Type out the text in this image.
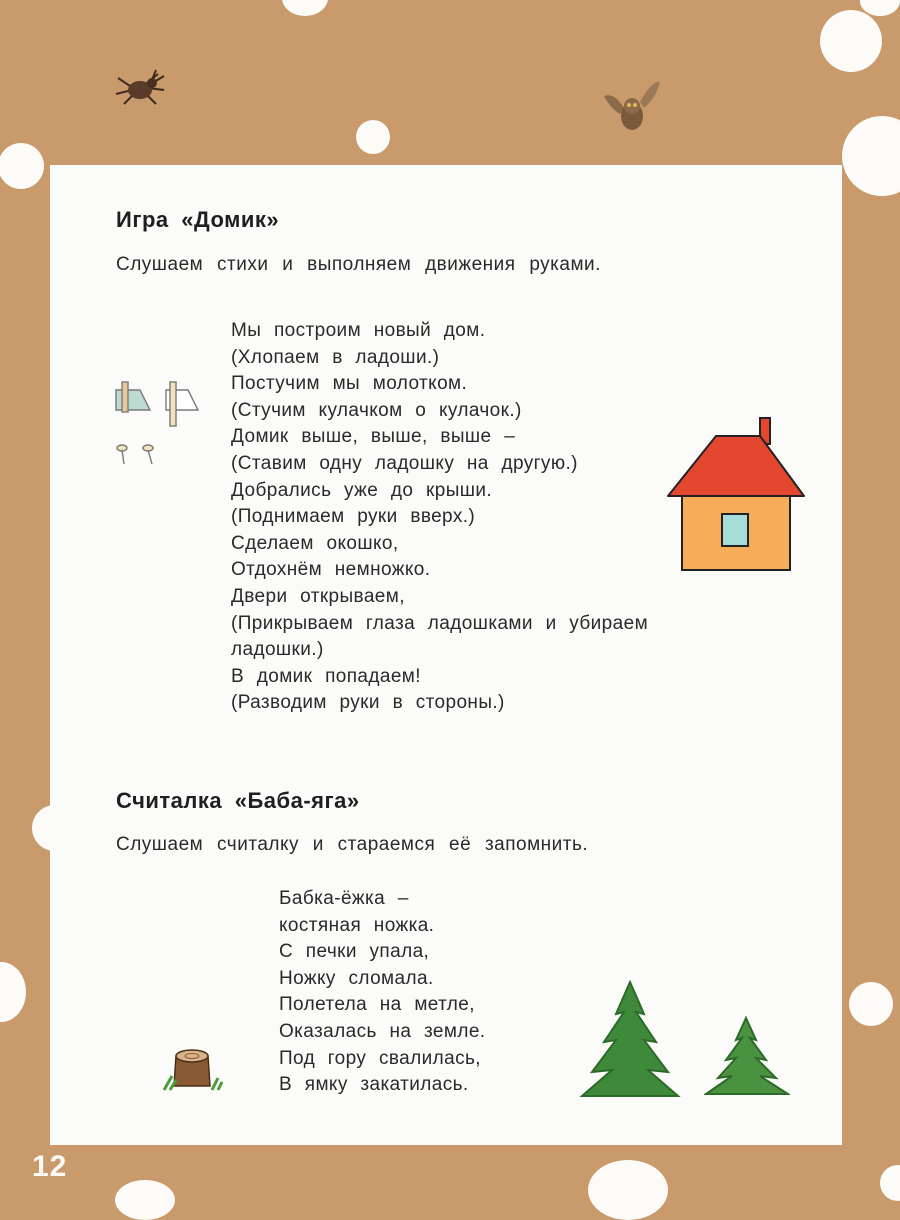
Игра «Домик»

Слушаем стихи и выполняем движения руками.

Мы построим новый дом.
(Хлопаем в ладоши.)
Постучим мы молотком.
(Стучим кулачком о кулачок.)
Домик выше, выше, выше –
(Ставим одну ладошку на другую.)
Добрались уже до крыши.
(Поднимаем руки вверх.)
Сделаем окошко,
Отдохнём немножко.
Двери открываем,
(Прикрываем глаза ладошками и убираем
ладошки.)
В домик попадаем!
(Разводим руки в стороны.)
Считалка «Баба-яга»

Слушаем считалку и стараемся её запомнить.

Бабка-ёжка –
костяная ножка.
С печки упала,
Ножку сломала.
Полетела на метле,
Оказалась на земле.
Под гору свалилась,
В ямку закатилась.
12
